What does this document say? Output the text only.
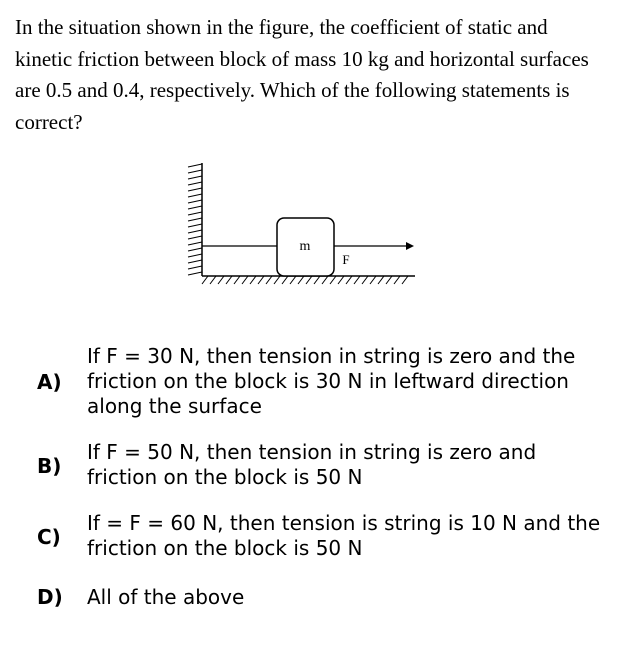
In the situation shown in the figure, the coefficient of static and kinetic friction between block of mass 10 kg and horizontal surfaces are 0.5 and 0.4, respectively. Which of the following statements is correct?
m
F
A)
If F = 30 N, then tension in string is zero and the friction on the block is 30 N in leftward direction along the surface
B)
If F = 50 N, then tension in string is zero and friction on the block is 50 N
C)
If = F = 60 N, then tension is string is 10 N and the friction on the block is 50 N
D) All of the above
